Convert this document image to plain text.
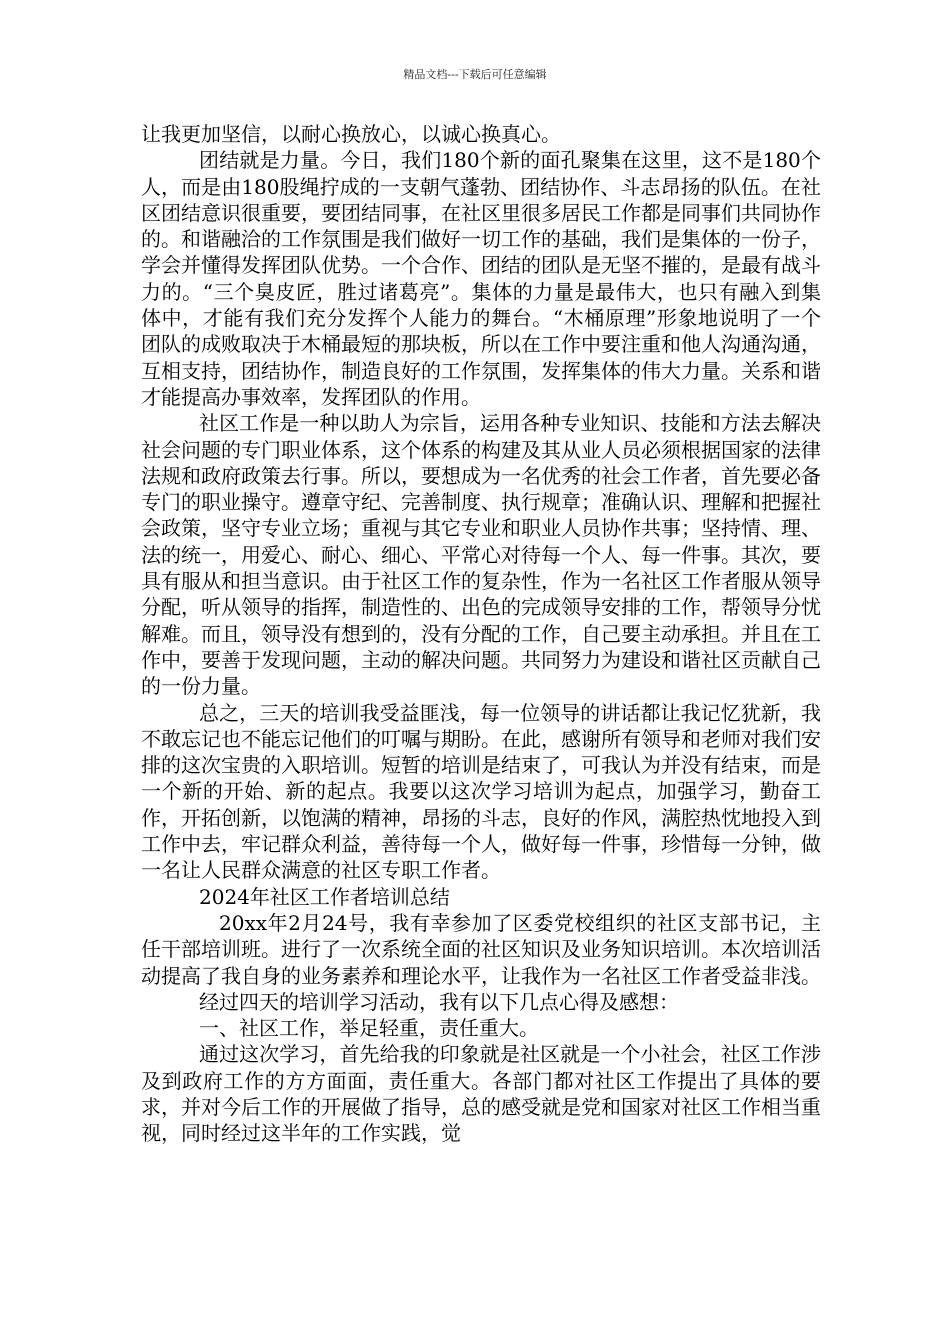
精品文档---下载后可任意编辑

让我更加坚信，以耐心换放心，以诚心换真心。

团结就是力量。今日，我们180个新的面孔聚集在这里，这不是180个人，而是由180股绳拧成的一支朝气蓬勃、团结协作、斗志昂扬的队伍。在社区团结意识很重要，要团结同事，在社区里很多居民工作都是同事们共同协作的。和谐融洽的工作氛围是我们做好一切工作的基础，我们是集体的一份子，学会并懂得发挥团队优势。一个合作、团结的团队是无坚不摧的，是最有战斗力的。“三个臭皮匠，胜过诸葛亮”。集体的力量是最伟大，也只有融入到集体中，才能有我们充分发挥个人能力的舞台。“木桶原理”形象地说明了一个团队的成败取决于木桶最短的那块板，所以在工作中要注重和他人沟通沟通，互相支持，团结协作，制造良好的工作氛围，发挥集体的伟大力量。关系和谐才能提高办事效率，发挥团队的作用。

社区工作是一种以助人为宗旨，运用各种专业知识、技能和方法去解决社会问题的专门职业体系，这个体系的构建及其从业人员必须根据国家的法律法规和政府政策去行事。所以，要想成为一名优秀的社会工作者，首先要必备专门的职业操守。遵章守纪、完善制度、执行规章；准确认识、理解和把握社会政策，坚守专业立场；重视与其它专业和职业人员协作共事；坚持情、理、法的统一，用爱心、耐心、细心、平常心对待每一个人、每一件事。其次，要具有服从和担当意识。由于社区工作的复杂性，作为一名社区工作者服从领导分配，听从领导的指挥，制造性的、出色的完成领导安排的工作，帮领导分忧解难。而且，领导没有想到的，没有分配的工作，自己要主动承担。并且在工作中，要善于发现问题，主动的解决问题。共同努力为建设和谐社区贡献自己的一份力量。

总之，三天的培训我受益匪浅，每一位领导的讲话都让我记忆犹新，我不敢忘记也不能忘记他们的叮嘱与期盼。在此，感谢所有领导和老师对我们安排的这次宝贵的入职培训。短暂的培训是结束了，可我认为并没有结束，而是一个新的开始、新的起点。我要以这次学习培训为起点，加强学习，勤奋工作，开拓创新，以饱满的精神，昂扬的斗志，良好的作风，满腔热忱地投入到工作中去，牢记群众利益，善待每一个人，做好每一件事，珍惜每一分钟，做一名让人民群众满意的社区专职工作者。

2024年社区工作者培训总结

20xx年2月24号，我有幸参加了区委党校组织的社区支部书记，主任干部培训班。进行了一次系统全面的社区知识及业务知识培训。本次培训活动提高了我自身的业务素养和理论水平，让我作为一名社区工作者受益非浅。

经过四天的培训学习活动，我有以下几点心得及感想：

一、社区工作，举足轻重，责任重大。

通过这次学习，首先给我的印象就是社区就是一个小社会，社区工作涉及到政府工作的方方面面，责任重大。各部门都对社区工作提出了具体的要求，并对今后工作的开展做了指导，总的感受就是党和国家对社区工作相当重视，同时经过这半年的工作实践，觉
